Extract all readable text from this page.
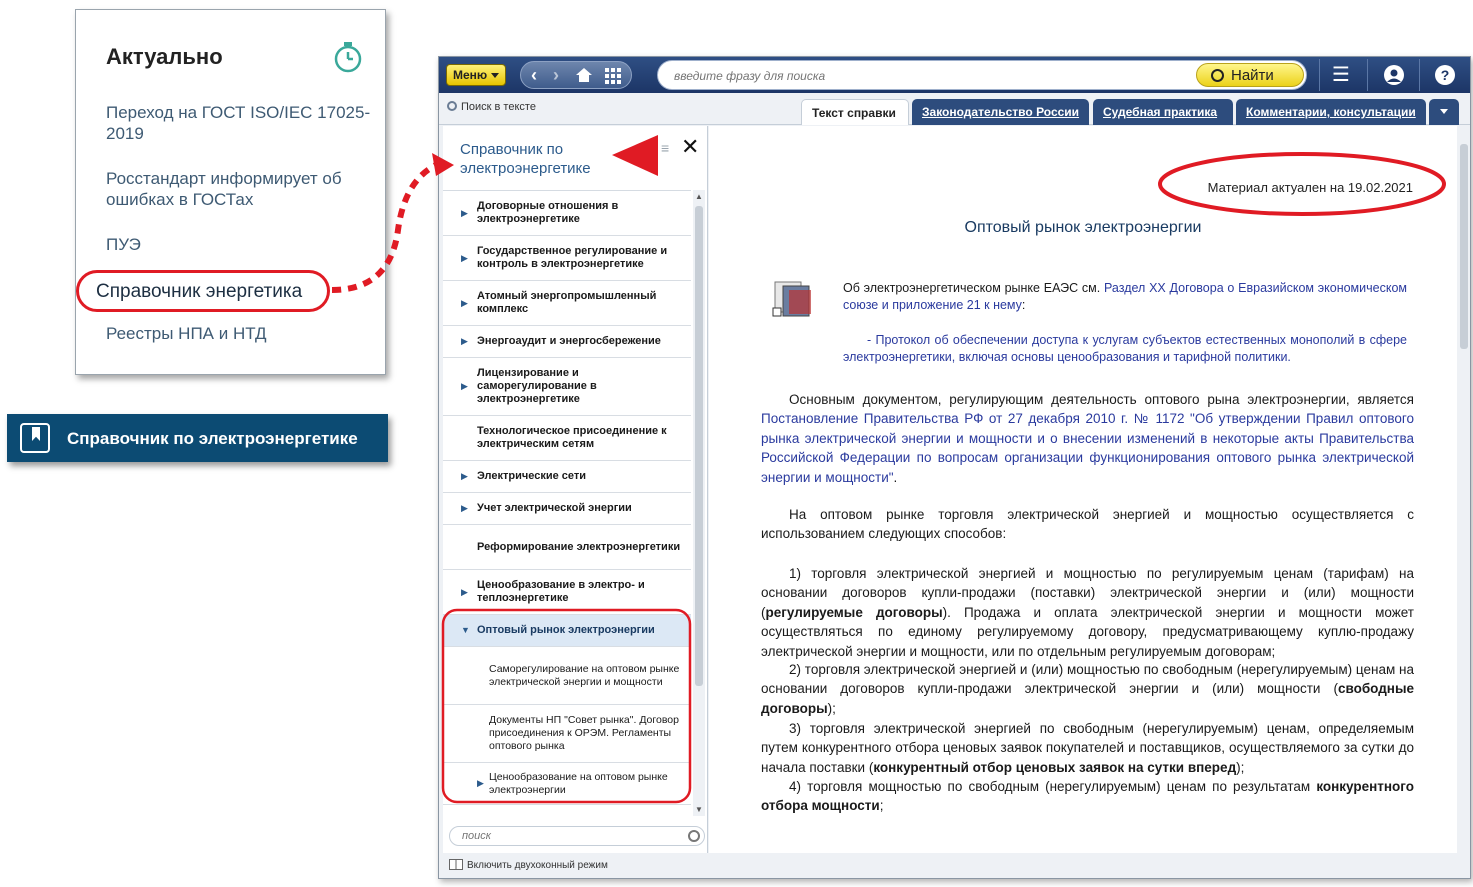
Актуально
Переход на ГОСТ ISO/IEC 17025-2019
Росстандарт информирует об ошибках в ГОСТах
ПУЭ
Справочник энергетика
Реестры НПА и НТД
Справочник по электроэнергетике
Меню	‹ ›
введите фразу для поиска	Найти	☰	?
Поиск в тексте	Текст справки	Законодательство России	Судебная практика	Комментарии, консультации
Справочник по электроэнергетике
≡ ✕
▶
Договорные отношения в электроэнергетике
▶
Государственное регулирование и контроль в электроэнергетике
▶
Атомный энергопромышленный комплекс
▶ Энергоаудит и энергосбережение
▶
Лицензирование и саморегулирование в электроэнергетике
Технологическое присоединение к электрическим сетям
▶ Электрические сети
▶ Учет электрической энергии
Реформирование электроэнергетики
▶
Ценообразование в электро- и теплоэнергетике
▼ Оптовый рынок электроэнергии
Саморегулирование на оптовом рынке электрической энергии и мощности
Документы НП "Совет рынка". Договор присоединения к ОРЭМ. Регламенты оптового рынка
▶
Ценообразование на оптовом рынке электроэнергии
▲
▼
поиск
Включить двухоконный режим
Материал актуален на 19.02.2021
Оптовый рынок электроэнергии
Об электроэнергетическом рынке ЕАЭС см. Раздел XX Договора о Евразийском экономическом союзе и приложение 21 к нему:
- Протокол об обеспечении доступа к услугам субъектов естественных монополий в сфере электроэнергетики, включая основы ценообразования и тарифной политики.
Основным документом, регулирующим деятельность оптового рына электроэнергии, является Постановление Правительства РФ от 27 декабря 2010 г. № 1172 "Об утверждении Правил оптового рынка электрической энергии и мощности и о внесении изменений в некоторые акты Правительства Российской Федерации по вопросам организации функционирования оптового рынка электрической энергии и мощности".
На оптовом рынке торговля электрической энергией и мощностью осуществляется с использованием следующих способов:
1) торговля электрической энергией и мощностью по регулируемым ценам (тарифам) на основании договоров купли-продажи (поставки) электрической энергии и (или) мощности (регулируемые договоры). Продажа и оплата электрической энергии и мощности может осуществляться по единому регулируемому договору, предусматривающему куплю-продажу электрической энергии и мощности, или по отдельным регулируемым договорам;
2) торговля электрической энергией и (или) мощностью по свободным (нерегулируемым) ценам на основании договоров купли-продажи электрической энергии и (или) мощности (свободные договоры);
3) торговля электрической энергией по свободным (нерегулируемым) ценам, определяемым путем конкурентного отбора ценовых заявок покупателей и поставщиков, осуществляемого за сутки до начала поставки (конкурентный отбор ценовых заявок на сутки вперед);
4) торговля мощностью по свободным (нерегулируемым) ценам по результатам конкурентного отбора мощности;
